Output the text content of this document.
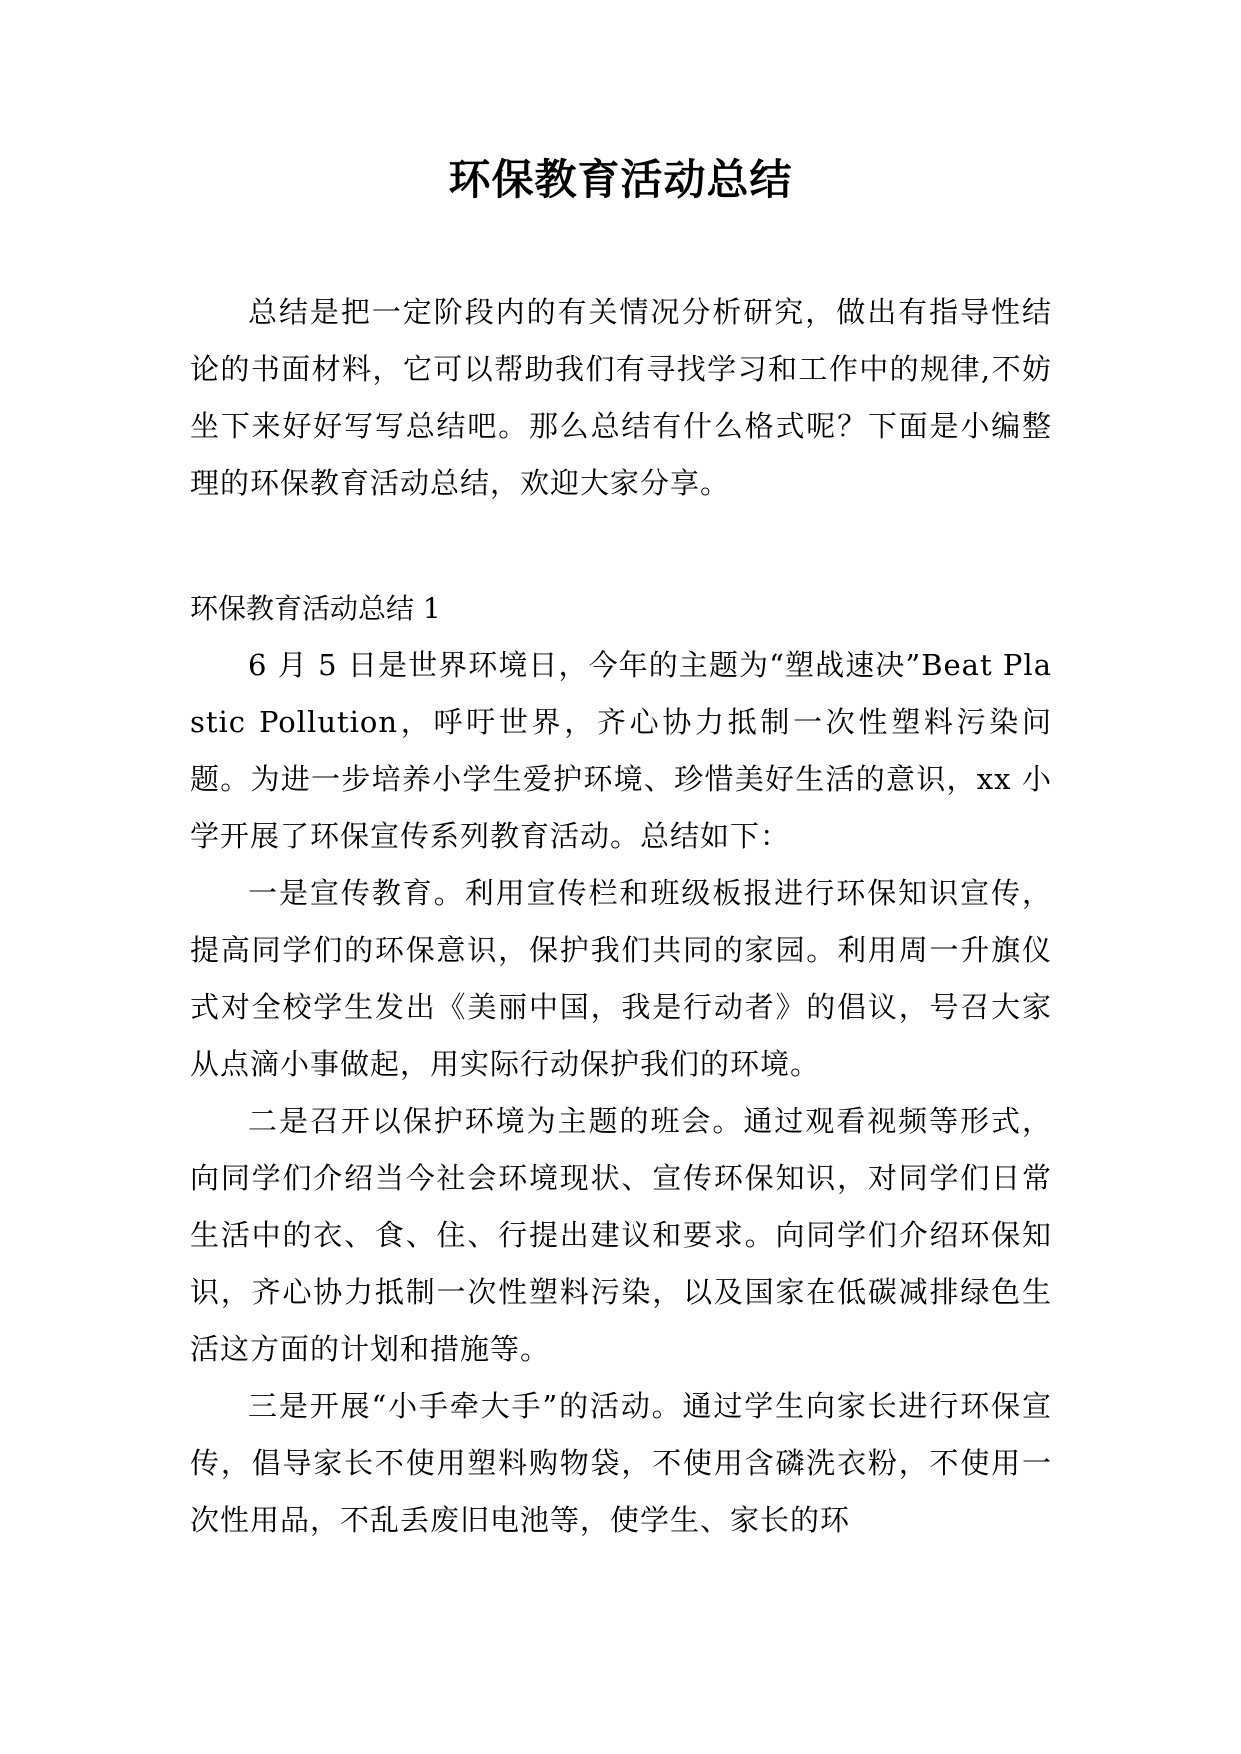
环保教育活动总结

总结是把一定阶段内的有关情况分析研究，做出有指导性结论的书面材料，它可以帮助我们有寻找学习和工作中的规律,不妨坐下来好好写写总结吧。那么总结有什么格式呢？下面是小编整理的环保教育活动总结，欢迎大家分享。

环保教育活动总结 1

6 月 5 日是世界环境日，今年的主题为“塑战速决”Beat Plastic Pollution，呼吁世界，齐心协力抵制一次性塑料污染问题。为进一步培养小学生爱护环境、珍惜美好生活的意识，xx 小学开展了环保宣传系列教育活动。总结如下：

一是宣传教育。利用宣传栏和班级板报进行环保知识宣传，提高同学们的环保意识，保护我们共同的家园。利用周一升旗仪式对全校学生发出《美丽中国，我是行动者》的倡议，号召大家从点滴小事做起，用实际行动保护我们的环境。

二是召开以保护环境为主题的班会。通过观看视频等形式，向同学们介绍当今社会环境现状、宣传环保知识，对同学们日常生活中的衣、食、住、行提出建议和要求。向同学们介绍环保知识，齐心协力抵制一次性塑料污染，以及国家在低碳减排绿色生活这方面的计划和措施等。

三是开展“小手牵大手”的活动。通过学生向家长进行环保宣传，倡导家长不使用塑料购物袋，不使用含磷洗衣粉，不使用一次性用品，不乱丢废旧电池等，使学生、家长的环
